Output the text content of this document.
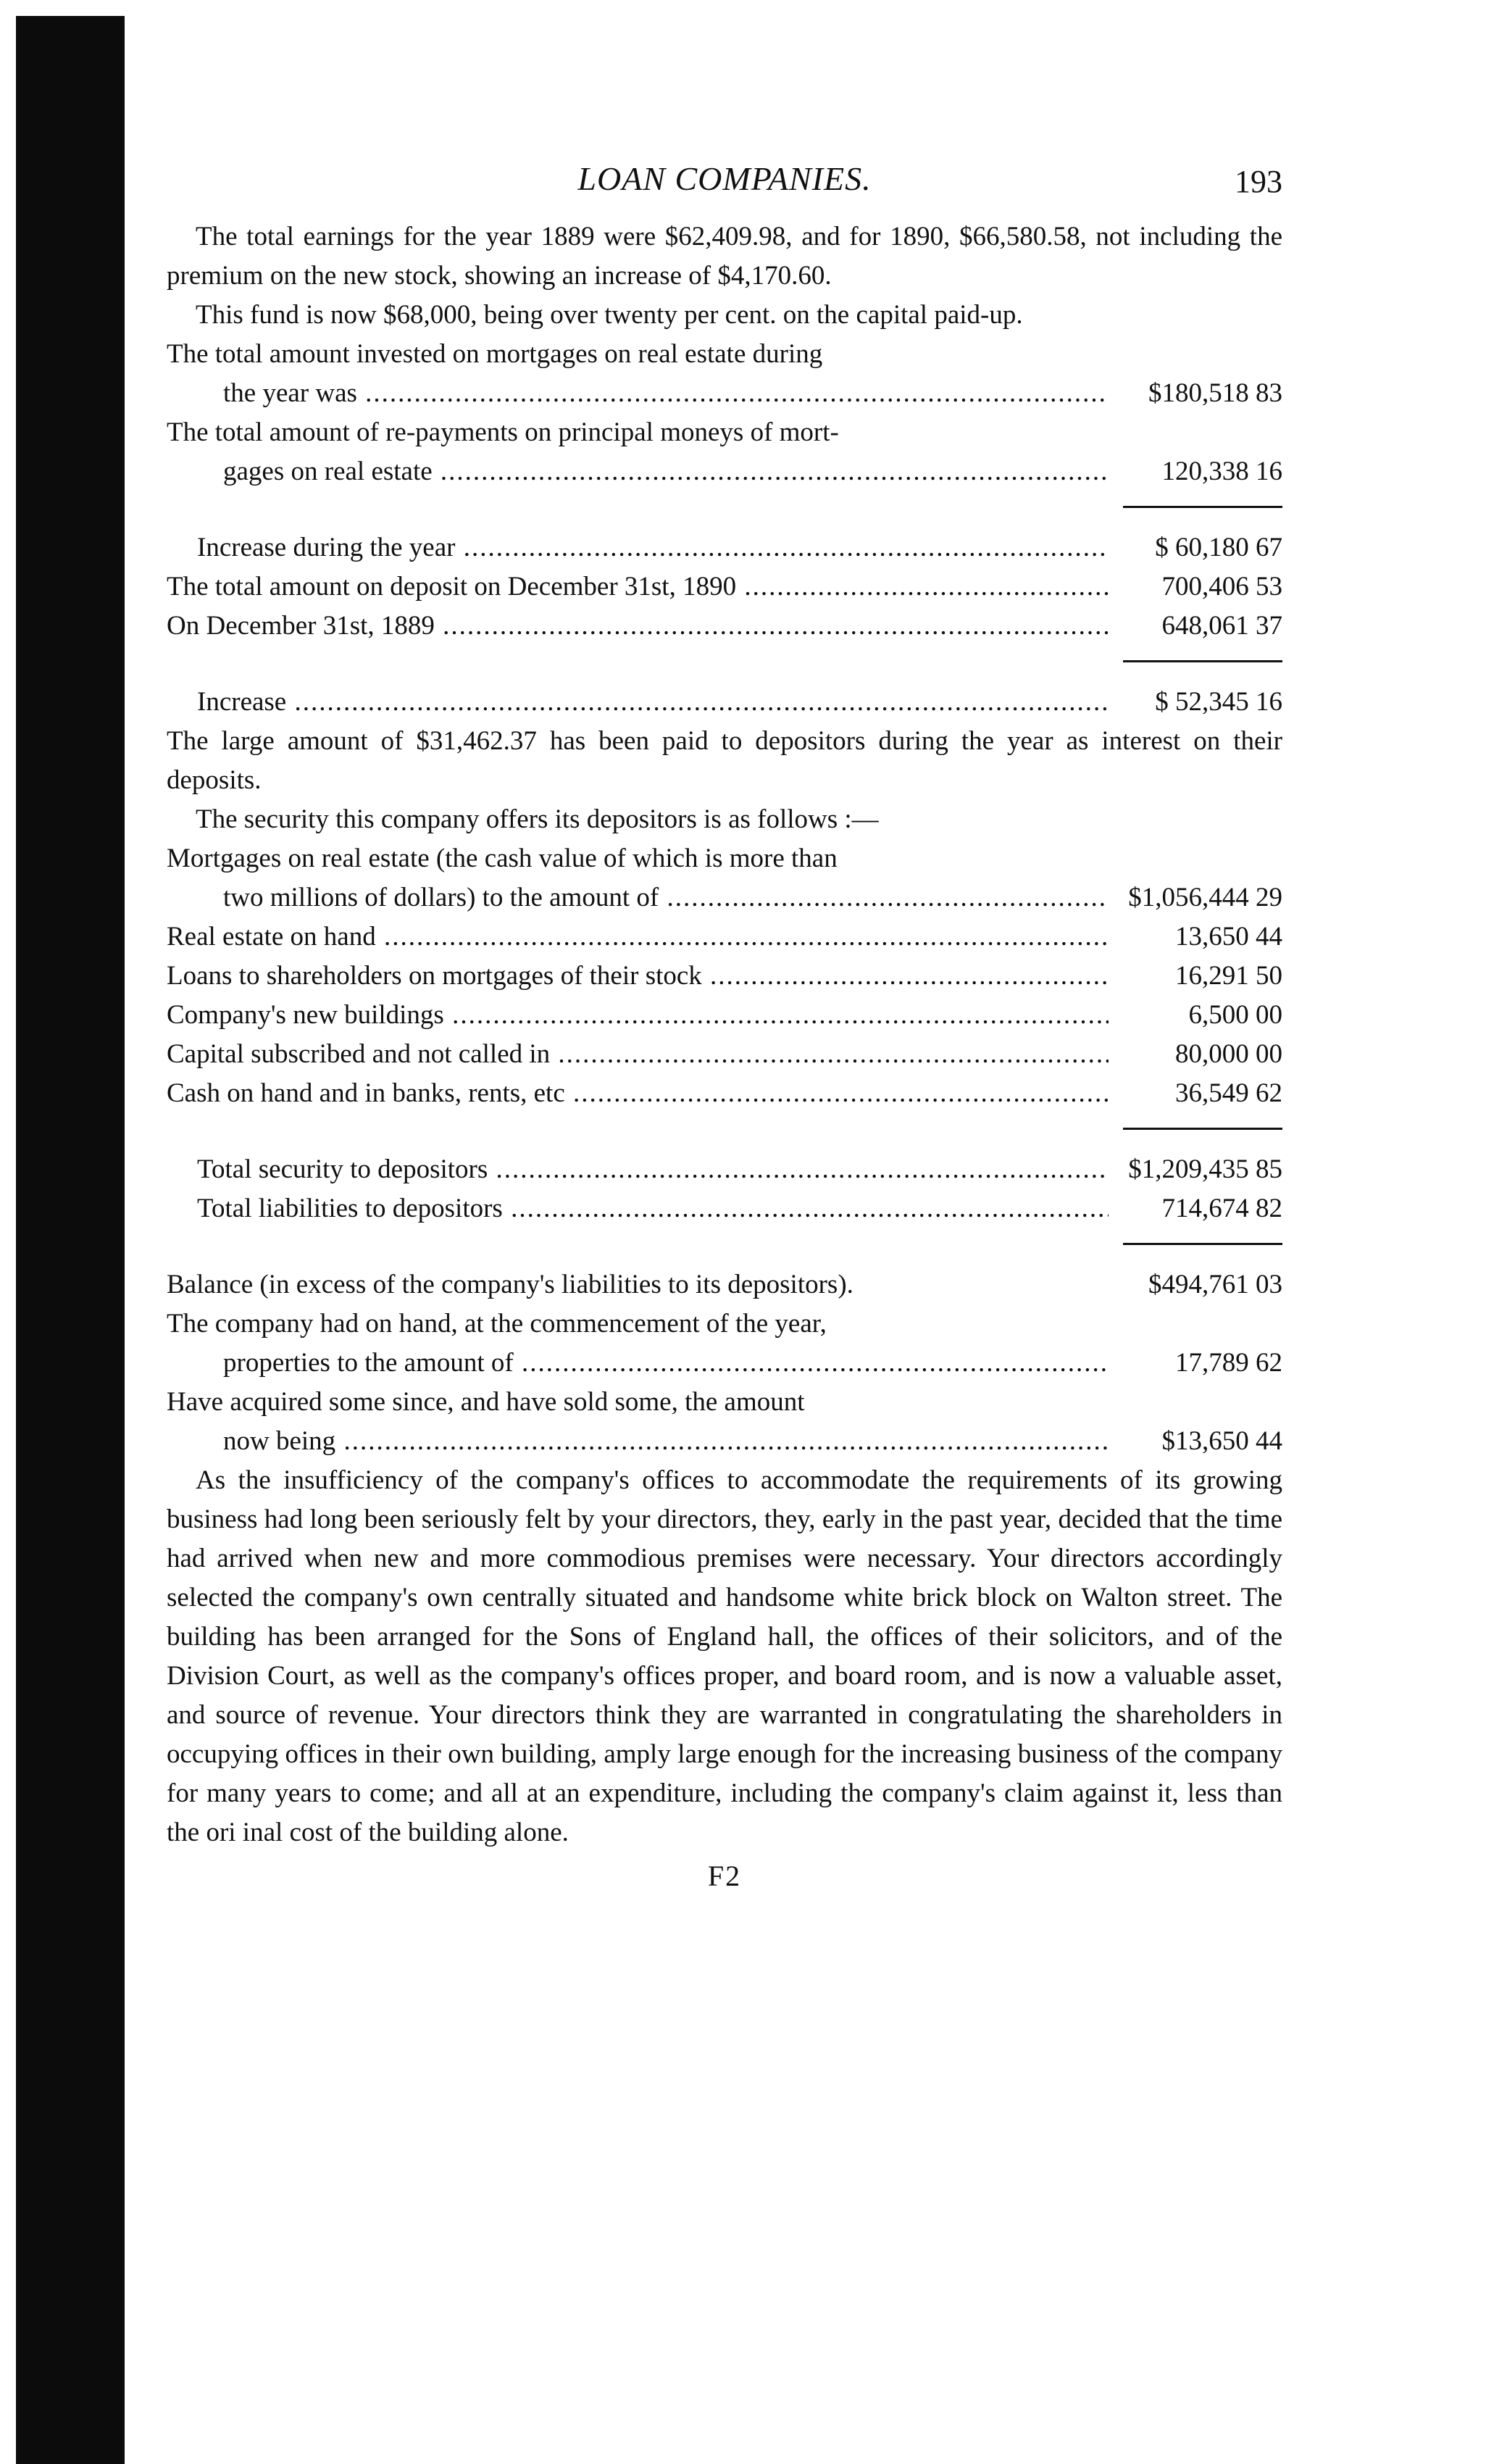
LOAN COMPANIES.	193

The total earnings for the year 1889 were $62,409.98, and for 1890, $66,580.58, not including the premium on the new stock, showing an increase of $4,170.60.

This fund is now $68,000, being over twenty per cent. on the capital paid-up.

The total amount invested on mortgages on real estate during
the year was .....	$180,518 83
The total amount of re-payments on principal moneys of mort-
gages on real estate .....	120,338 16
Increase during the year .....	$ 60,180 67
The total amount on deposit on December 31st, 1890 .....	700,406 53
On December 31st, 1889 .....	648,061 37
Increase .....	$ 52,345 16

The large amount of $31,462.37 has been paid to depositors during the year as interest on their deposits.

The security this company offers its depositors is as follows :—

Mortgages on real estate (the cash value of which is more than
two millions of dollars) to the amount of .....	$1,056,444 29
Real estate on hand .....	13,650 44
Loans to shareholders on mortgages of their stock .....	16,291 50
Company's new buildings .....	6,500 00
Capital subscribed and not called in .....	80,000 00
Cash on hand and in banks, rents, etc .....	36,549 62
Total security to depositors .....	$1,209,435 85
Total liabilities to depositors .....	714,674 82
Balance (in excess of the company's liabilities to its depositors).	$494,761 03
The company had on hand, at the commencement of the year,
properties to the amount of .....	17,789 62
Have acquired some since, and have sold some, the amount
now being .....	$13,650 44

As the insufficiency of the company's offices to accommodate the requirements of its growing business had long been seriously felt by your directors, they, early in the past year, decided that the time had arrived when new and more commodious premises were necessary. Your directors accordingly selected the company's own centrally situated and handsome white brick block on Walton street. The building has been arranged for the Sons of England hall, the offices of their solicitors, and of the Division Court, as well as the company's offices proper, and board room, and is now a valuable asset, and source of revenue. Your directors think they are warranted in congratulating the shareholders in occupying offices in their own building, amply large enough for the increasing business of the company for many years to come; and all at an expenditure, including the company's claim against it, less than the ori inal cost of the building alone.

F2
